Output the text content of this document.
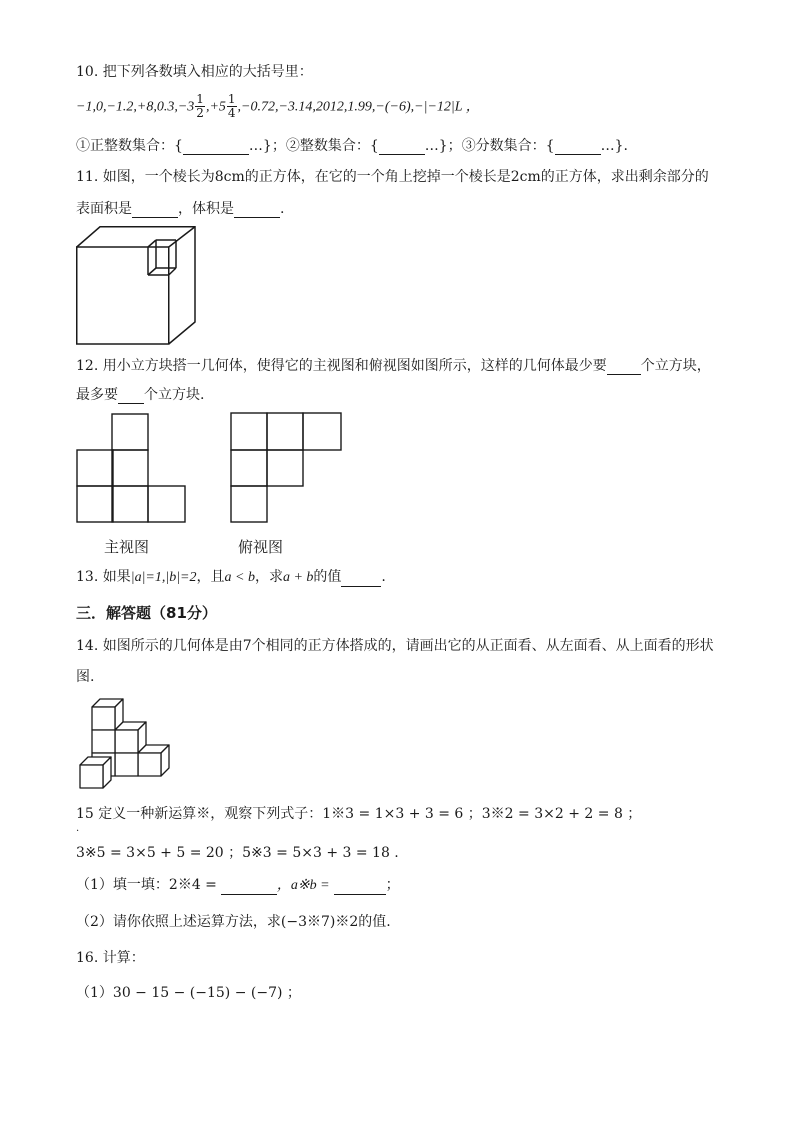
10. 把下列各数填入相应的大括号里：
$-1,0,-1.2,+8,0.3,-3 \frac{1}{2} ,+5 \frac{1}{4} ,-0.72,-3.14,2012,1.99,-(-6),-|-12|L$ ，
①正整数集合：{	…}；②整数集合：{	…}；③分数集合：{	…}.
11. 如图，一个棱长为8cm的正方体，在它的一个角上挖掉一个棱长是2cm的正方体，求出剩余部分的
表面积是	，体积是	.
12. 用小立方块搭一几何体，使得它的主视图和俯视图如图所示，这样的几何体最少要 个立方块，
最多要 个立方块.
主视图	俯视图
13. 如果|a|=1,|b|=2，且a < b，求a + b的值	.
三．解答题（81分）
14. 如图所示的几何体是由7个相同的正方体搭成的，请画出它的从正面看、从左面看、从上面看的形状
图.
15 定义一种新运算※，观察下列式子：1※3 = 1×3 + 3 = 6 ；3※2 = 3×2 + 2 = 8 ；
.
3※5 = 3×5 + 5 = 20 ；5※3 = 5×3 + 3 = 18 .
（1）填一填：2※4 =	，a※b =	；
（2）请你依照上述运算方法，求(−3※7)※2的值.
16. 计算：
（1）30 − 15 − (−15) − (−7) ；
